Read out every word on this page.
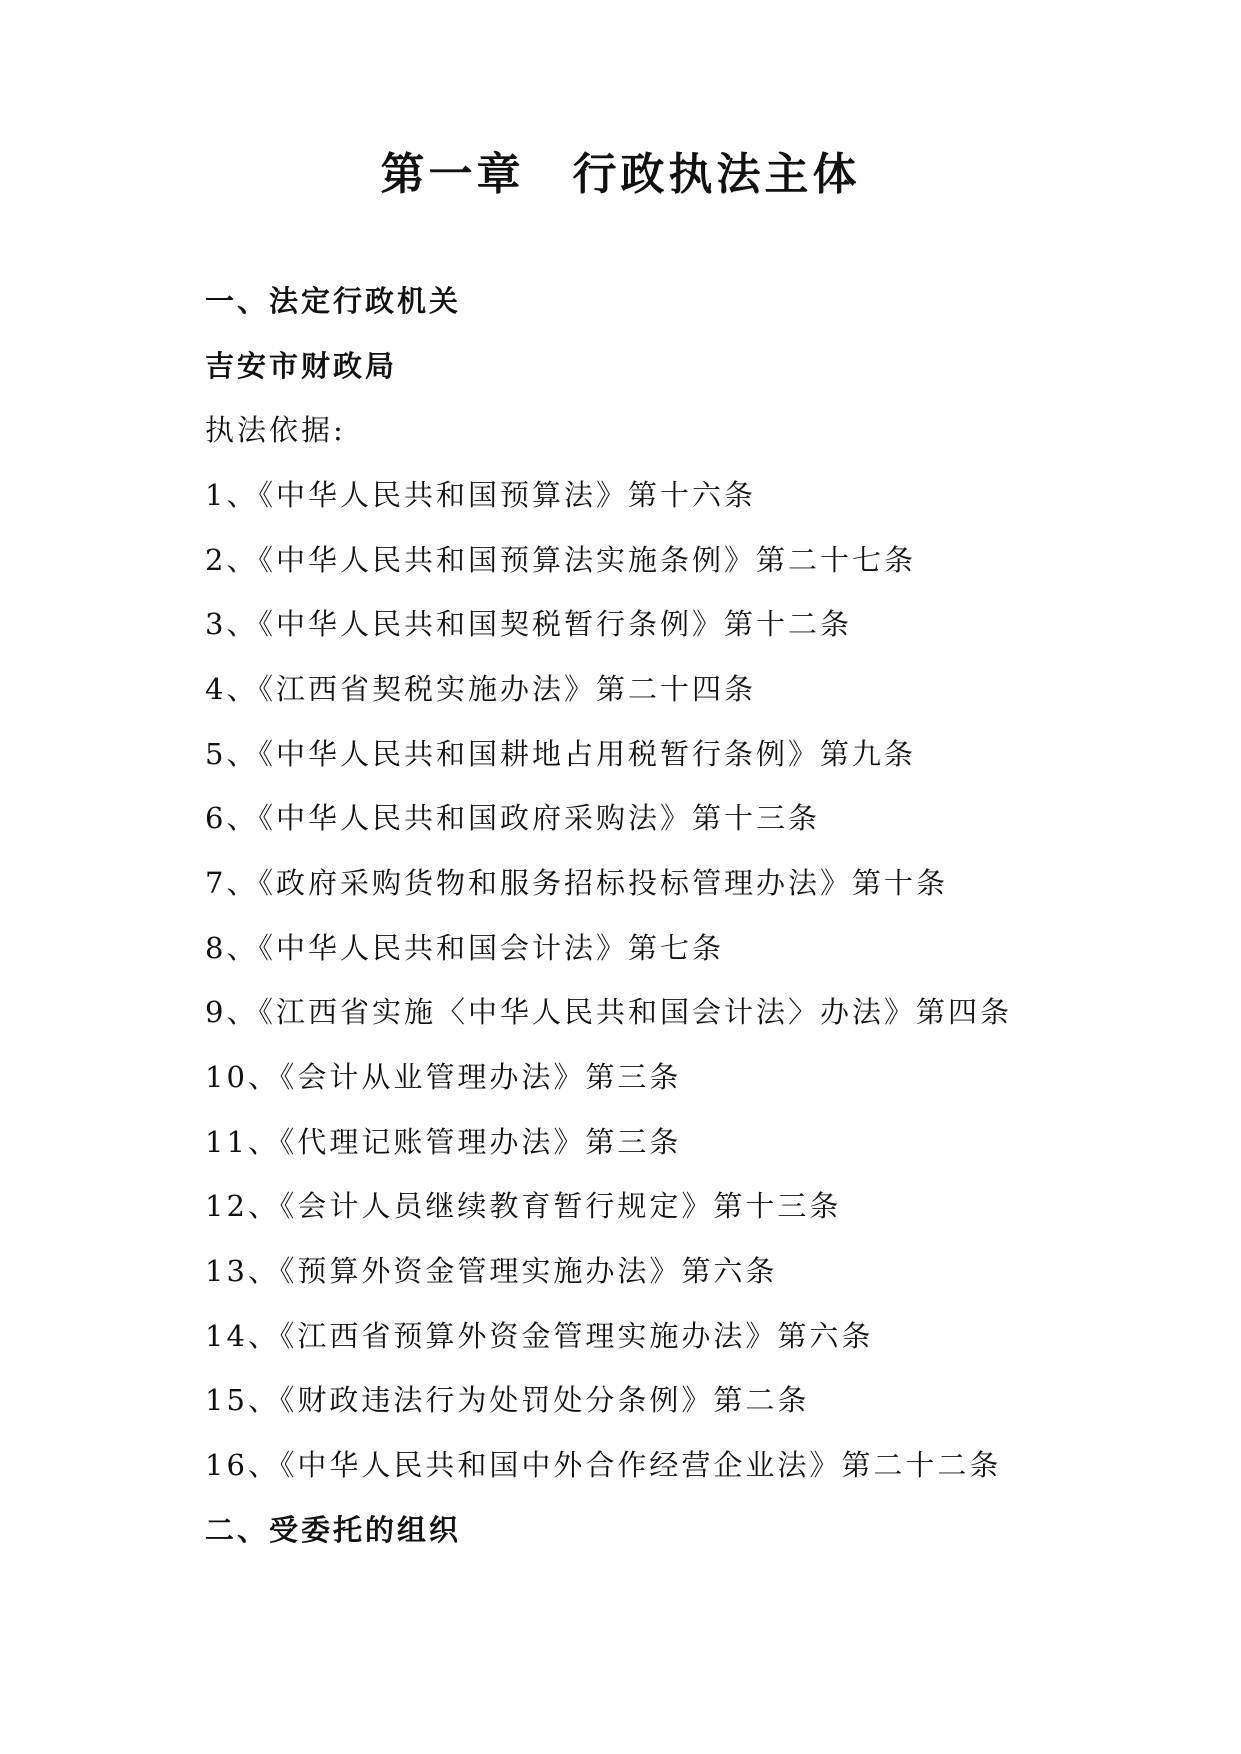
第一章　行政执法主体
一、法定行政机关
吉安市财政局
执法依据:
1、《中华人民共和国预算法》第十六条
2、《中华人民共和国预算法实施条例》第二十七条
3、《中华人民共和国契税暂行条例》第十二条
4、《江西省契税实施办法》第二十四条
5、《中华人民共和国耕地占用税暂行条例》第九条
6、《中华人民共和国政府采购法》第十三条
7、《政府采购货物和服务招标投标管理办法》第十条
8、《中华人民共和国会计法》第七条
9、《江西省实施〈中华人民共和国会计法〉办法》第四条
10、《会计从业管理办法》第三条
11、《代理记账管理办法》第三条
12、《会计人员继续教育暂行规定》第十三条
13、《预算外资金管理实施办法》第六条
14、《江西省预算外资金管理实施办法》第六条
15、《财政违法行为处罚处分条例》第二条
16、《中华人民共和国中外合作经营企业法》第二十二条
二、受委托的组织
